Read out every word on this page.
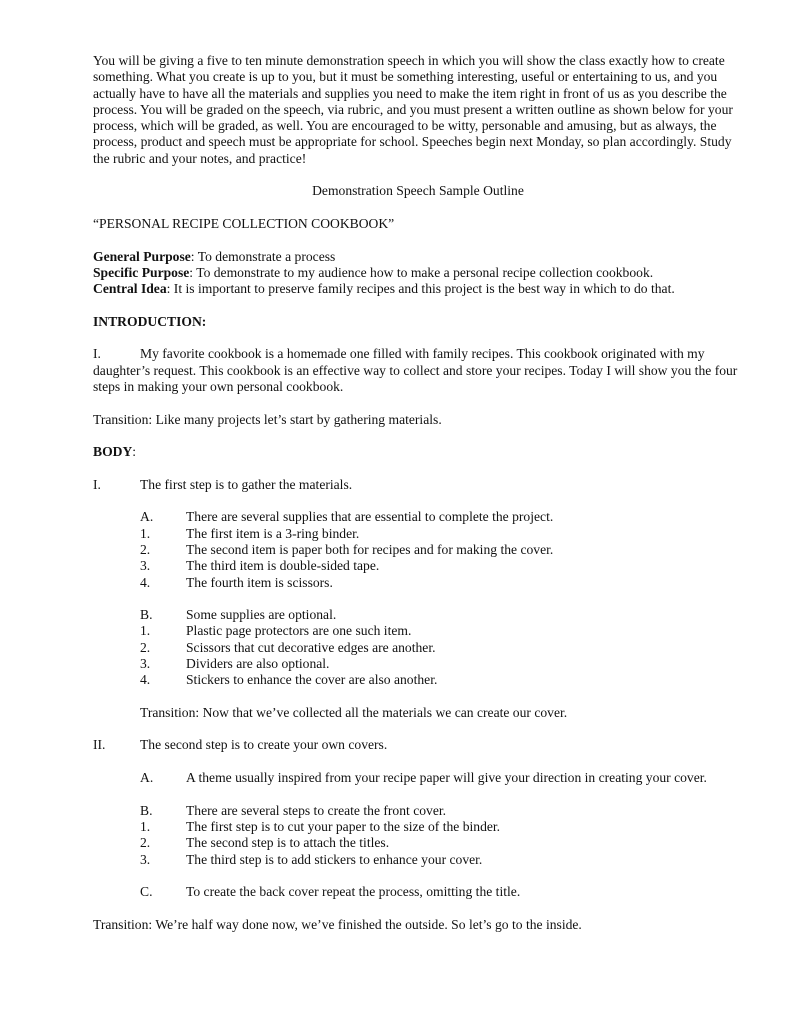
You will be giving a five to ten minute demonstration speech in which you will show the class exactly how to create something. What you create is up to you, but it must be something interesting, useful or entertaining to us, and you actually have to have all the materials and supplies you need to make the item right in front of us as you describe the process. You will be graded on the speech, via rubric, and you must present a written outline as shown below for your process, which will be graded, as well. You are encouraged to be witty, personable and amusing, but as always, the process, product and speech must be appropriate for school. Speeches begin next Monday, so plan accordingly. Study the rubric and your notes, and practice!

Demonstration Speech Sample Outline

“PERSONAL RECIPE COLLECTION COOKBOOK”

General Purpose: To demonstrate a process

Specific Purpose: To demonstrate to my audience how to make a personal recipe collection cookbook.

Central Idea: It is important to preserve family recipes and this project is the best way in which to do that.

INTRODUCTION:

I.	My favorite cookbook is a homemade one filled with family recipes. This cookbook originated with my daughter’s request. This cookbook is an effective way to collect and store your recipes. Today I will show you the four steps in making your own personal cookbook.

Transition: Like many projects let’s start by gathering materials.

BODY:

I.	The first step is to gather the materials.
A.	There are several supplies that are essential to complete the project.
1.	The first item is a 3-ring binder.
2.	The second item is paper both for recipes and for making the cover.
3.	The third item is double-sided tape.
4.	The fourth item is scissors.
B.	Some supplies are optional.
1.	Plastic page protectors are one such item.
2.	Scissors that cut decorative edges are another.
3.	Dividers are also optional.
4.	Stickers to enhance the cover are also another.

Transition: Now that we’ve collected all the materials we can create our cover.

II.	The second step is to create your own covers.
A.	A theme usually inspired from your recipe paper will give your direction in creating your cover.
B.	There are several steps to create the front cover.
1.	The first step is to cut your paper to the size of the binder.
2.	The second step is to attach the titles.
3.	The third step is to add stickers to enhance your cover.
C.	To create the back cover repeat the process, omitting the title.

Transition: We’re half way done now, we’ve finished the outside. So let’s go to the inside.
